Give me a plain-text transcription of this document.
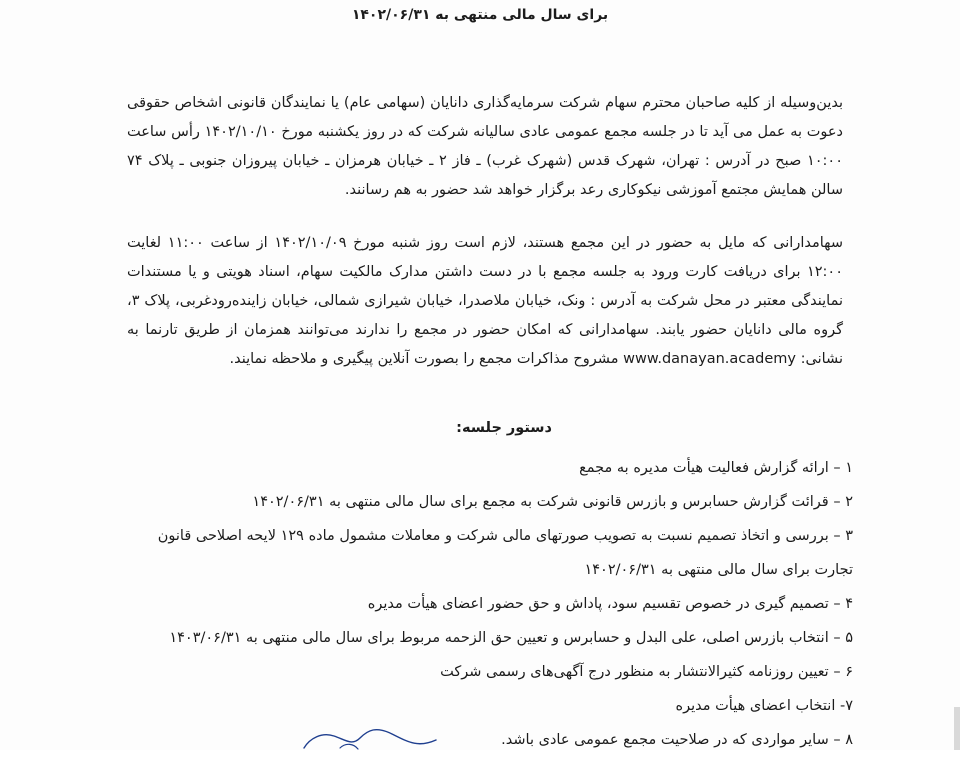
برای سال مالی منتهی به ۱۴۰۲/۰۶/۳۱

بدین‌وسیله از کلیه صاحبان محترم سهام شرکت سرمایه‌گذاری دانایان (سهامی عام) یا نمایندگان قانونی اشخاص حقوقی دعوت به عمل می آید تا در جلسه مجمع عمومی عادی سالیانه شرکت که در روز یکشنبه مورخ ۱۴۰۲/۱۰/۱۰ رأس ساعت ۱۰:۰۰ صبح در آدرس : تهران، شهرک قدس (شهرک غرب) ـ فاز ۲ ـ خیابان هرمزان ـ خیابان پیروزان جنوبی ـ پلاک ۷۴ سالن همایش مجتمع آموزشی نیکوکاری رعد برگزار خواهد شد حضور به هم رسانند.

سهامدارانی که مایل به حضور در این مجمع هستند، لازم است روز شنبه مورخ ۱۴۰۲/۱۰/۰۹ از ساعت ۱۱:۰۰ لغایت ۱۲:۰۰ برای دریافت کارت ورود به جلسه مجمع با در دست داشتن مدارک مالکیت سهام، اسناد هویتی و یا مستندات نمایندگی معتبر در محل شرکت به آدرس : ونک، خیابان ملاصدرا، خیابان شیرازی شمالی، خیابان زاینده‌رودغربی، پلاک ۳، گروه مالی دانایان حضور یابند. سهامدارانی که امکان حضور در مجمع را ندارند می‌توانند همزمان از طریق تارنما به نشانی: www.danayan.academy مشروح مذاکرات مجمع را بصورت آنلاین پیگیری و ملاحظه نمایند.

دستور جلسه:
۱ – ارائه گزارش فعالیت هیأت مدیره به مجمع
۲ – قرائت گزارش حسابرس و بازرس قانونی شرکت به مجمع برای سال مالی منتهی به ۱۴۰۲/۰۶/۳۱
۳ – بررسی و اتخاذ تصمیم نسبت به تصویب صورتهای مالی شرکت و معاملات مشمول ماده ۱۲۹ لایحه اصلاحی قانون تجارت برای سال مالی منتهی به ۱۴۰۲/۰۶/۳۱
۴ – تصمیم گیری در خصوص تقسیم سود، پاداش و حق حضور اعضای هیأت مدیره
۵ – انتخاب بازرس اصلی، علی البدل و حسابرس و تعیین حق الزحمه مربوط برای سال مالی منتهی به ۱۴۰۳/۰۶/۳۱
۶ – تعیین روزنامه کثیرالانتشار به منظور درج آگهی‌های رسمی شرکت
۷- انتخاب اعضای هیأت مدیره
۸ – سایر مواردی که در صلاحیت مجمع عمومی عادی باشد.
